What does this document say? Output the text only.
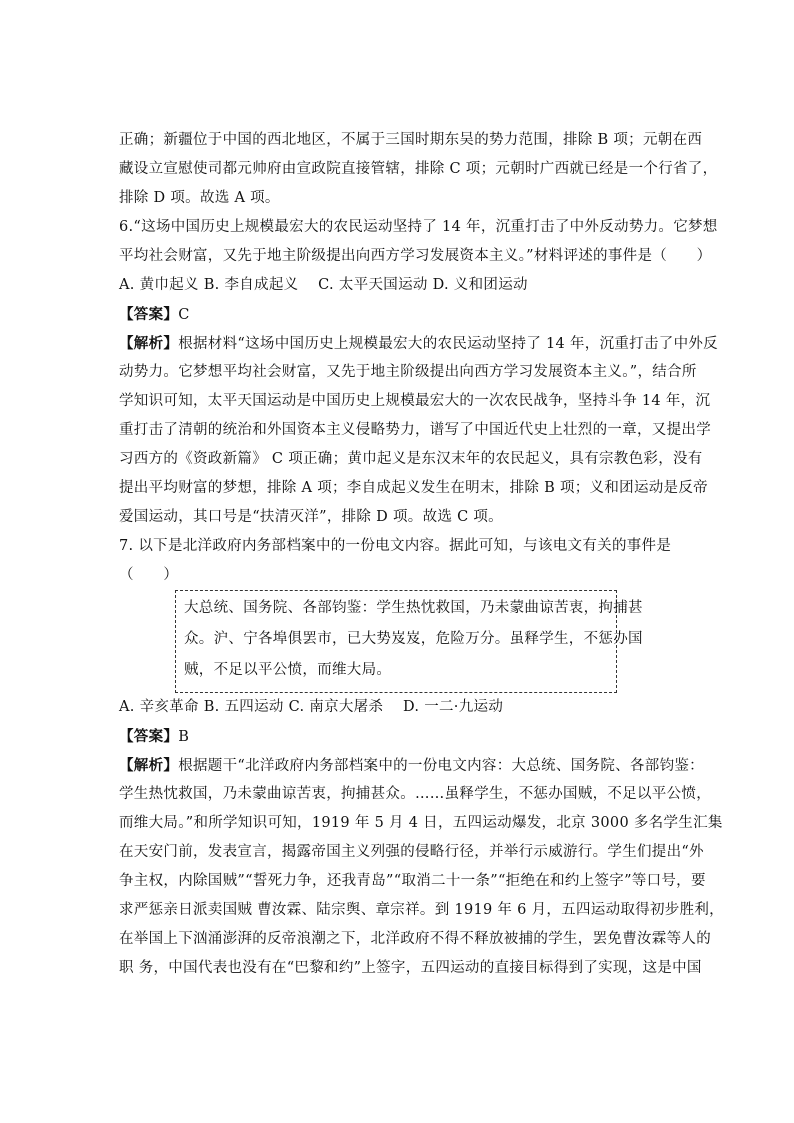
正确；新疆位于中国的西北地区，不属于三国时期东吴的势力范围，排除 B 项；元朝在西
藏设立宣慰使司都元帅府由宣政院直接管辖，排除 C 项；元朝时广西就已经是一个行省了，
排除 D 项。故选 A 项。
6.“这场中国历史上规模最宏大的农民运动坚持了 14 年，沉重打击了中外反动势力。它梦想
平均社会财富，又先于地主阶级提出向西方学习发展资本主义。”材料评述的事件是（　　）
A. 黄巾起义 B. 李自成起义　 C. 太平天国运动 D. 义和团运动
【答案】C
【解析】根据材料“这场中国历史上规模最宏大的农民运动坚持了 14 年，沉重打击了中外反
动势力。它梦想平均社会财富，又先于地主阶级提出向西方学习发展资本主义。”，结合所
学知识可知，太平天国运动是中国历史上规模最宏大的一次农民战争，坚持斗争 14 年，沉
重打击了清朝的统治和外国资本主义侵略势力，谱写了中国近代史上壮烈的一章，又提出学
习西方的《资政新篇》 C 项正确；黄巾起义是东汉末年的农民起义，具有宗教色彩，没有
提出平均财富的梦想，排除 A 项；李自成起义发生在明末，排除 B 项；义和团运动是反帝
爱国运动，其口号是“扶清灭洋”，排除 D 项。故选 C 项。
7. 以下是北洋政府内务部档案中的一份电文内容。据此可知，与该电文有关的事件是
（　　）
大总统、国务院、各部钧鉴：学生热忱救国，乃未蒙曲谅苦衷，拘捕甚
众。沪、宁各埠俱罢市，已大势岌岌，危险万分。虽释学生，不惩办国
贼，不足以平公愤，而维大局。
A. 辛亥革命 B. 五四运动 C. 南京大屠杀　 D. 一二·九运动
【答案】B
【解析】根据题干“北洋政府内务部档案中的一份电文内容：大总统、国务院、各部钧鉴：
学生热忱救国，乃未蒙曲谅苦衷，拘捕甚众。……虽释学生，不惩办国贼，不足以平公愤，
而维大局。”和所学知识可知，1919 年 5 月 4 日，五四运动爆发，北京 3000 多名学生汇集
在天安门前，发表宣言，揭露帝国主义列强的侵略行径，并举行示威游行。学生们提出“外
争主权，内除国贼”“誓死力争，还我青岛”“取消二十一条”“拒绝在和约上签字”等口号，要
求严惩亲日派卖国贼 曹汝霖、陆宗舆、章宗祥。到 1919 年 6 月，五四运动取得初步胜利，
在举国上下汹涌澎湃的反帝浪潮之下，北洋政府不得不释放被捕的学生，罢免曹汝霖等人的
职 务，中国代表也没有在“巴黎和约”上签字，五四运动的直接目标得到了实现，这是中国
